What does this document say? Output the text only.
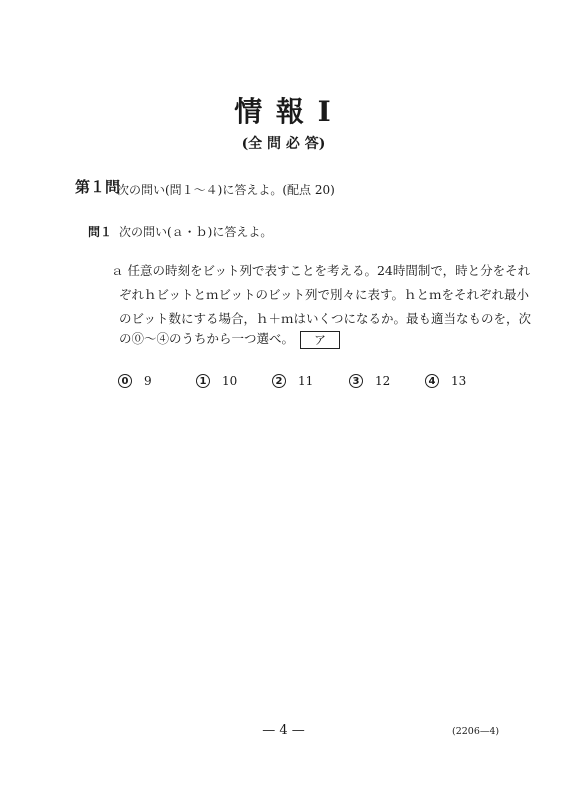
情 報 Ⅰ
(全 問 必 答)
第１問
次の問い(問１～４)に答えよ。(配点 20)
問１ 次の問い(ａ・ｂ)に答えよ。
ａ 任意の時刻をビット列で表すことを考える。24時間制で，時と分をそれ
ぞれｈビットとｍビットのビット列で別々に表す。ｈとｍをそれぞれ最小
のビット数にする場合，ｈ＋ｍはいくつになるか。最も適当なものを，次
の⓪～④のうちから一つ選べ。 ア
0 9	1 10	2 11	3 12	4 13
— 4 —	(2206—4)
